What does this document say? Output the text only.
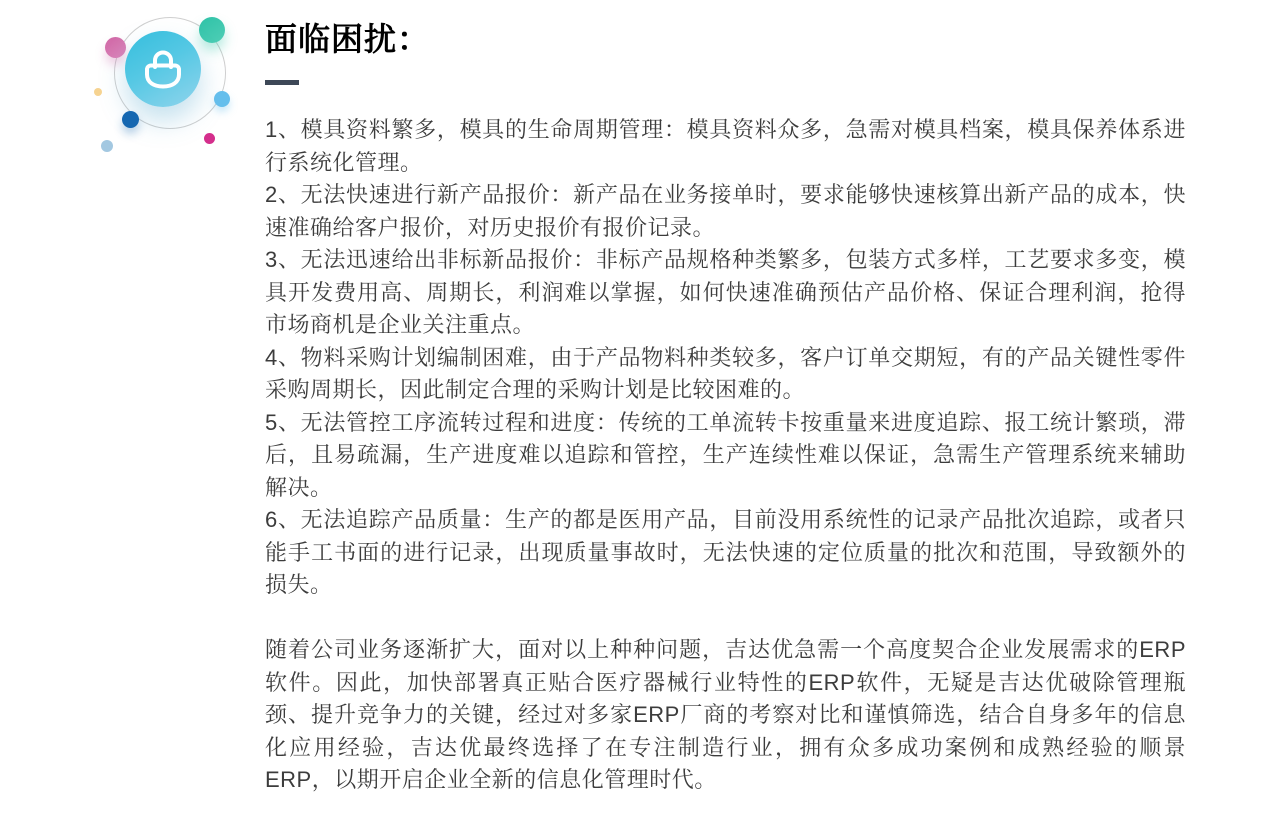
面临困扰：

1、模具资料繁多，模具的生命周期管理：模具资料众多，急需对模具档案，模具保养体系进行系统化管理。

2、无法快速进行新产品报价：新产品在业务接单时，要求能够快速核算出新产品的成本，快速准确给客户报价，对历史报价有报价记录。

3、无法迅速给出非标新品报价：非标产品规格种类繁多，包装方式多样，工艺要求多变，模具开发费用高、周期长，利润难以掌握，如何快速准确预估产品价格、保证合理利润，抢得市场商机是企业关注重点。

4、物料采购计划编制困难，由于产品物料种类较多，客户订单交期短，有的产品关键性零件采购周期长，因此制定合理的采购计划是比较困难的。

5、无法管控工序流转过程和进度：传统的工单流转卡按重量来进度追踪、报工统计繁琐，滞后，且易疏漏，生产进度难以追踪和管控，生产连续性难以保证，急需生产管理系统来辅助解决。

6、无法追踪产品质量：生产的都是医用产品，目前没用系统性的记录产品批次追踪，或者只能手工书面的进行记录，出现质量事故时，无法快速的定位质量的批次和范围，导致额外的损失。

随着公司业务逐渐扩大，面对以上种种问题，吉达优急需一个高度契合企业发展需求的ERP软件。因此，加快部署真正贴合医疗器械行业特性的ERP软件，无疑是吉达优破除管理瓶颈、提升竞争力的关键，经过对多家ERP厂商的考察对比和谨慎筛选，结合自身多年的信息化应用经验，吉达优最终选择了在专注制造行业，拥有众多成功案例和成熟经验的顺景ERP，以期开启企业全新的信息化管理时代。
